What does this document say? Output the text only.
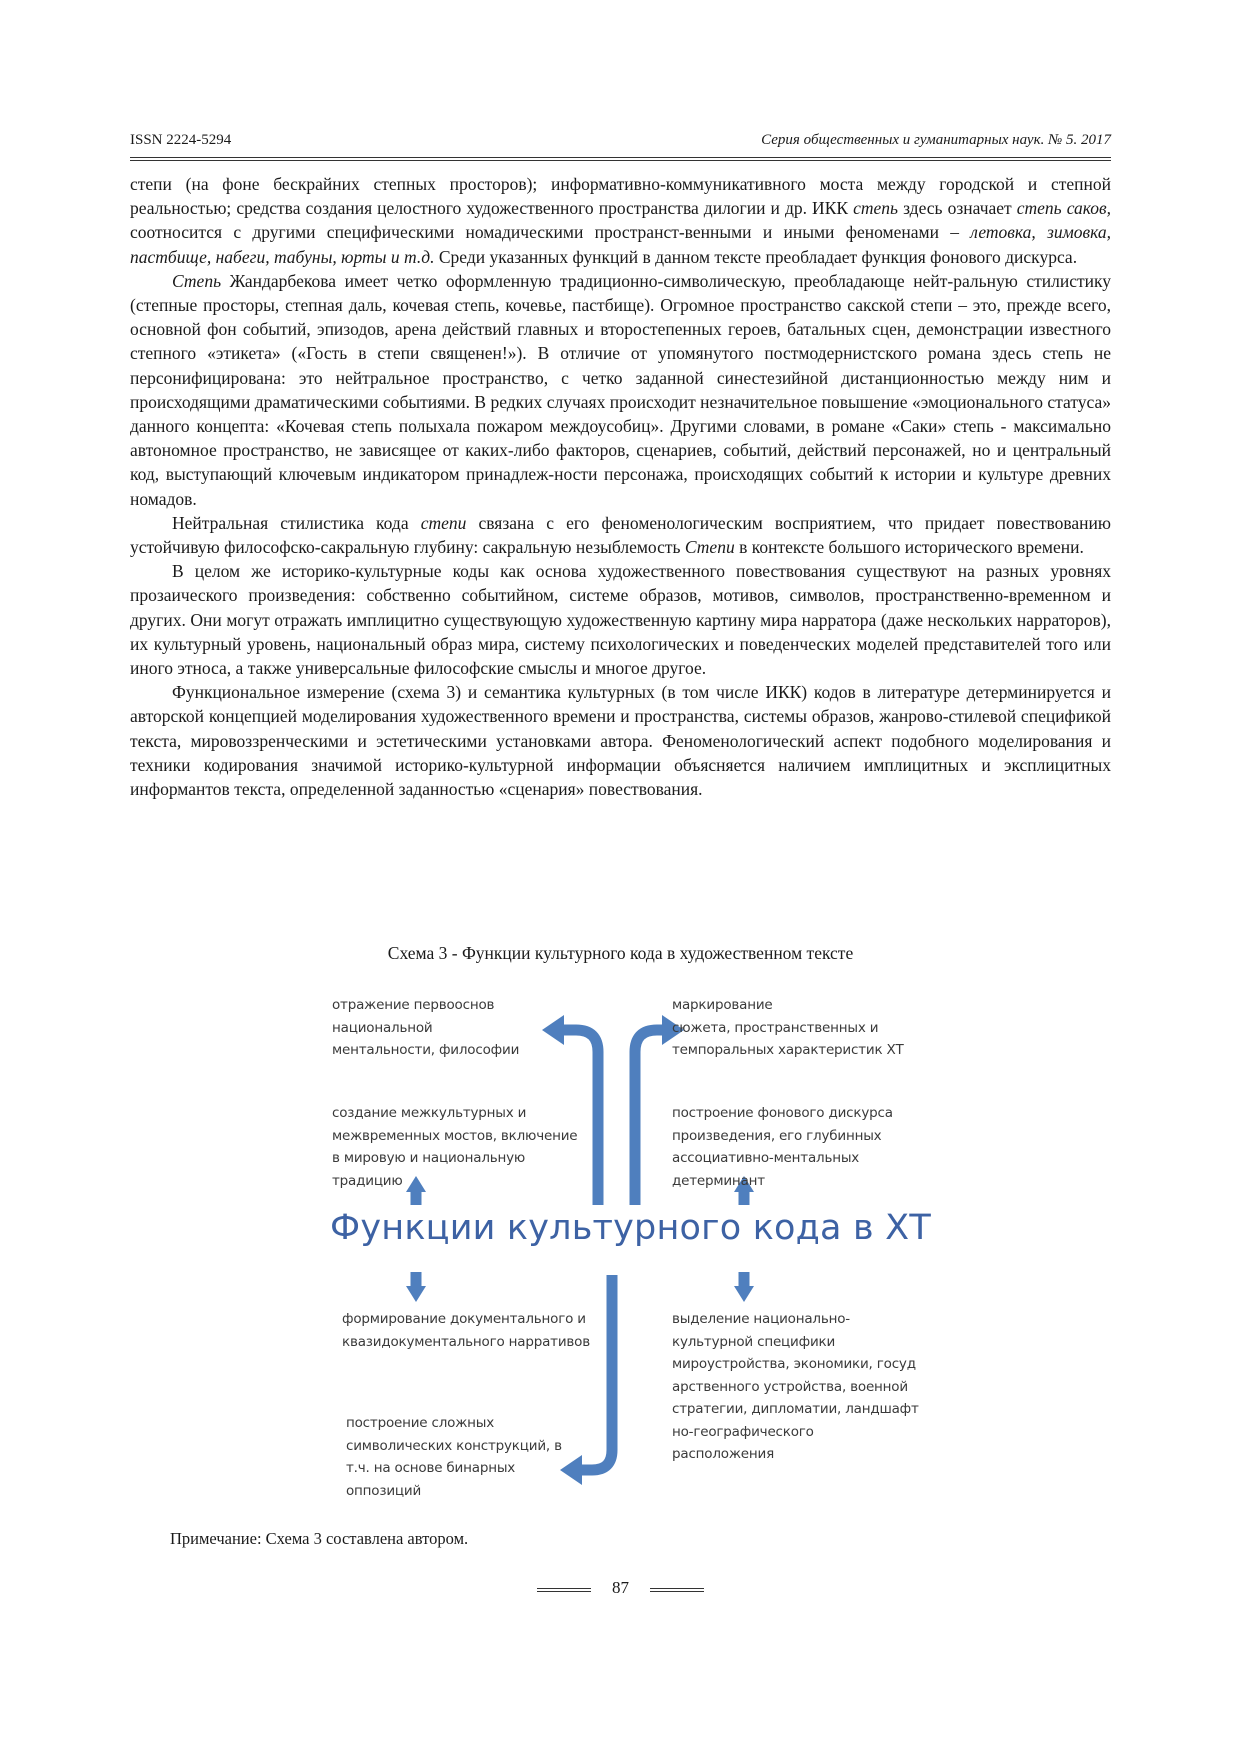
ISSN 2224-5294	Серия общественных и гуманитарных наук. № 5. 2017

степи (на фоне бескрайних степных просторов); информативно-коммуникативного моста между городской и степной реальностью; средства создания целостного художественного пространства дилогии и др. ИКК степь здесь означает степь саков, соотносится с другими специфическими номадическими пространст-венными и иными феноменами – летовка, зимовка, пастбище, набеги, табуны, юрты и т.д. Среди указанных функций в данном тексте преобладает функция фонового дискурса.

Степь Жандарбекова имеет четко оформленную традиционно-символическую, преобладающе нейт-ральную стилистику (степные просторы, степная даль, кочевая степь, кочевье, пастбище). Огромное пространство сакской степи – это, прежде всего, основной фон событий, эпизодов, арена действий главных и второстепенных героев, батальных сцен, демонстрации известного степного «этикета» («Гость в степи священен!»). В отличие от упомянутого постмодернистского романа здесь степь не персонифицирована: это нейтральное пространство, с четко заданной синестезийной дистанционностью между ним и происходящими драматическими событиями. В редких случаях происходит незначительное повышение «эмоционального статуса» данного концепта: «Кочевая степь полыхала пожаром междоусобиц». Другими словами, в романе «Саки» степь - максимально автономное пространство, не зависящее от каких-либо факторов, сценариев, событий, действий персонажей, но и центральный код, выступающий ключевым индикатором принадлеж-ности персонажа, происходящих событий к истории и культуре древних номадов.

Нейтральная стилистика кода степи связана с его феноменологическим восприятием, что придает повествованию устойчивую философско-сакральную глубину: сакральную незыблемость Степи в контексте большого исторического времени.

В целом же историко-культурные коды как основа художественного повествования существуют на разных уровнях прозаического произведения: собственно событийном, системе образов, мотивов, символов, пространственно-временном и других. Они могут отражать имплицитно существующую художественную картину мира нарратора (даже нескольких нарраторов), их культурный уровень, национальный образ мира, систему психологических и поведенческих моделей представителей того или иного этноса, а также универсальные философские смыслы и многое другое.

Функциональное измерение (схема 3) и семантика культурных (в том числе ИКК) кодов в литературе детерминируется и авторской концепцией моделирования художественного времени и пространства, системы образов, жанрово-стилевой спецификой текста, мировоззренческими и эстетическими установками автора. Феноменологический аспект подобного моделирования и техники кодирования значимой историко-культурной информации объясняется наличием имплицитных и эксплицитных информантов текста, определенной заданностью «сценария» повествования.

Схема 3 - Функции культурного кода в художественном тексте
отражение первооснов
национальной
ментальности, философии
маркирование
сюжета, пространственных и
темпоральных характеристик ХТ
создание межкультурных и
межвременных мостов, включение
в мировую и национальную
традицию
построение фонового дискурса
произведения, его глубинных
ассоциативно-ментальных
детерминант
Функции культурного кода в ХТ
формирование документального и
квазидокументального нарративов
выделение национально-
культурной специфики
мироустройства, экономики, госуд
арственного устройства, военной
стратегии, дипломатии, ландшафт
но-географического
расположения
построение сложных
символических конструкций, в
т.ч. на основе бинарных
оппозиций
Примечание: Схема 3 составлена автором.
87
